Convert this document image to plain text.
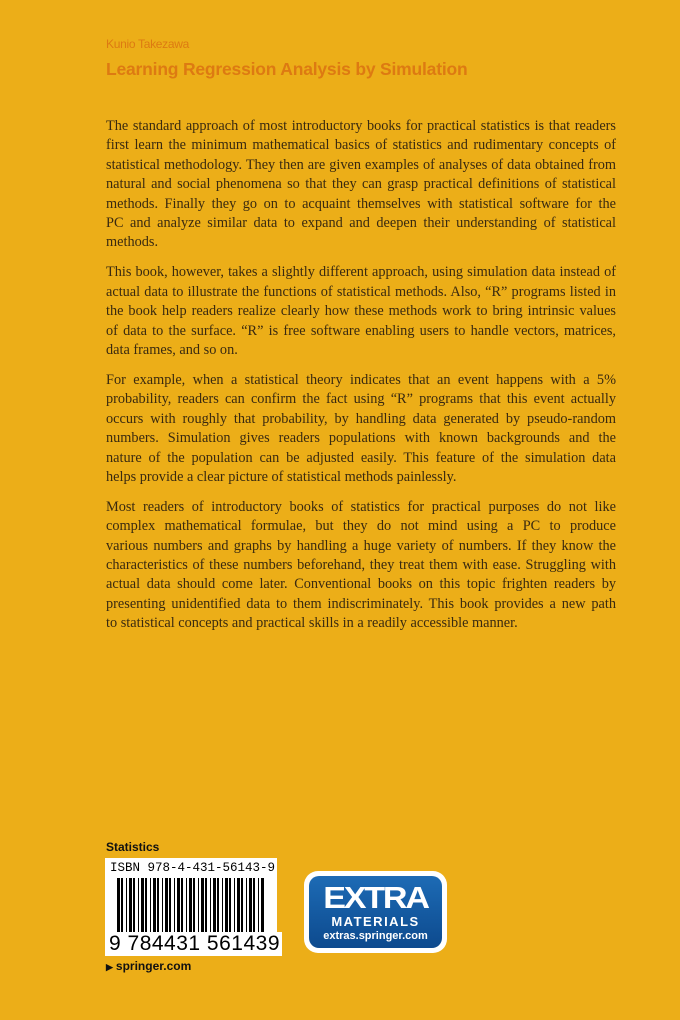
Kunio Takezawa
Learning Regression Analysis by Simulation
The standard approach of most introductory books for practical statistics is that readers
first learn the minimum mathematical basics of statistics and rudimentary concepts of
statistical methodology. They then are given examples of analyses of data obtained from
natural and social phenomena so that they can grasp practical definitions of statistical
methods. Finally they go on to acquaint themselves with statistical software for the
PC and analyze similar data to expand and deepen their understanding of statistical
methods.
This book, however, takes a slightly different approach, using simulation data instead of
actual data to illustrate the functions of statistical methods. Also, “R” programs listed in
the book help readers realize clearly how these methods work to bring intrinsic values
of data to the surface. “R” is free software enabling users to handle vectors, matrices,
data frames, and so on.
For example, when a statistical theory indicates that an event happens with a 5%
probability, readers can confirm the fact using “R” programs that this event actually
occurs with roughly that probability, by handling data generated by pseudo-random
numbers. Simulation gives readers populations with known backgrounds and the
nature of the population can be adjusted easily. This feature of the simulation data
helps provide a clear picture of statistical methods painlessly.
Most readers of introductory books of statistics for practical purposes do not like
complex mathematical formulae, but they do not mind using a PC to produce
various numbers and graphs by handling a huge variety of numbers. If they know the
characteristics of these numbers beforehand, they treat them with ease. Struggling with
actual data should come later. Conventional books on this topic frighten readers by
presenting unidentified data to them indiscriminately. This book provides a new path
to statistical concepts and practical skills in a readily accessible manner.
Statistics
ISBN 978-4-431-56143-9
9 784431 561439
▶ springer.com
EXTRA
MATERIALS
extras.springer.com
